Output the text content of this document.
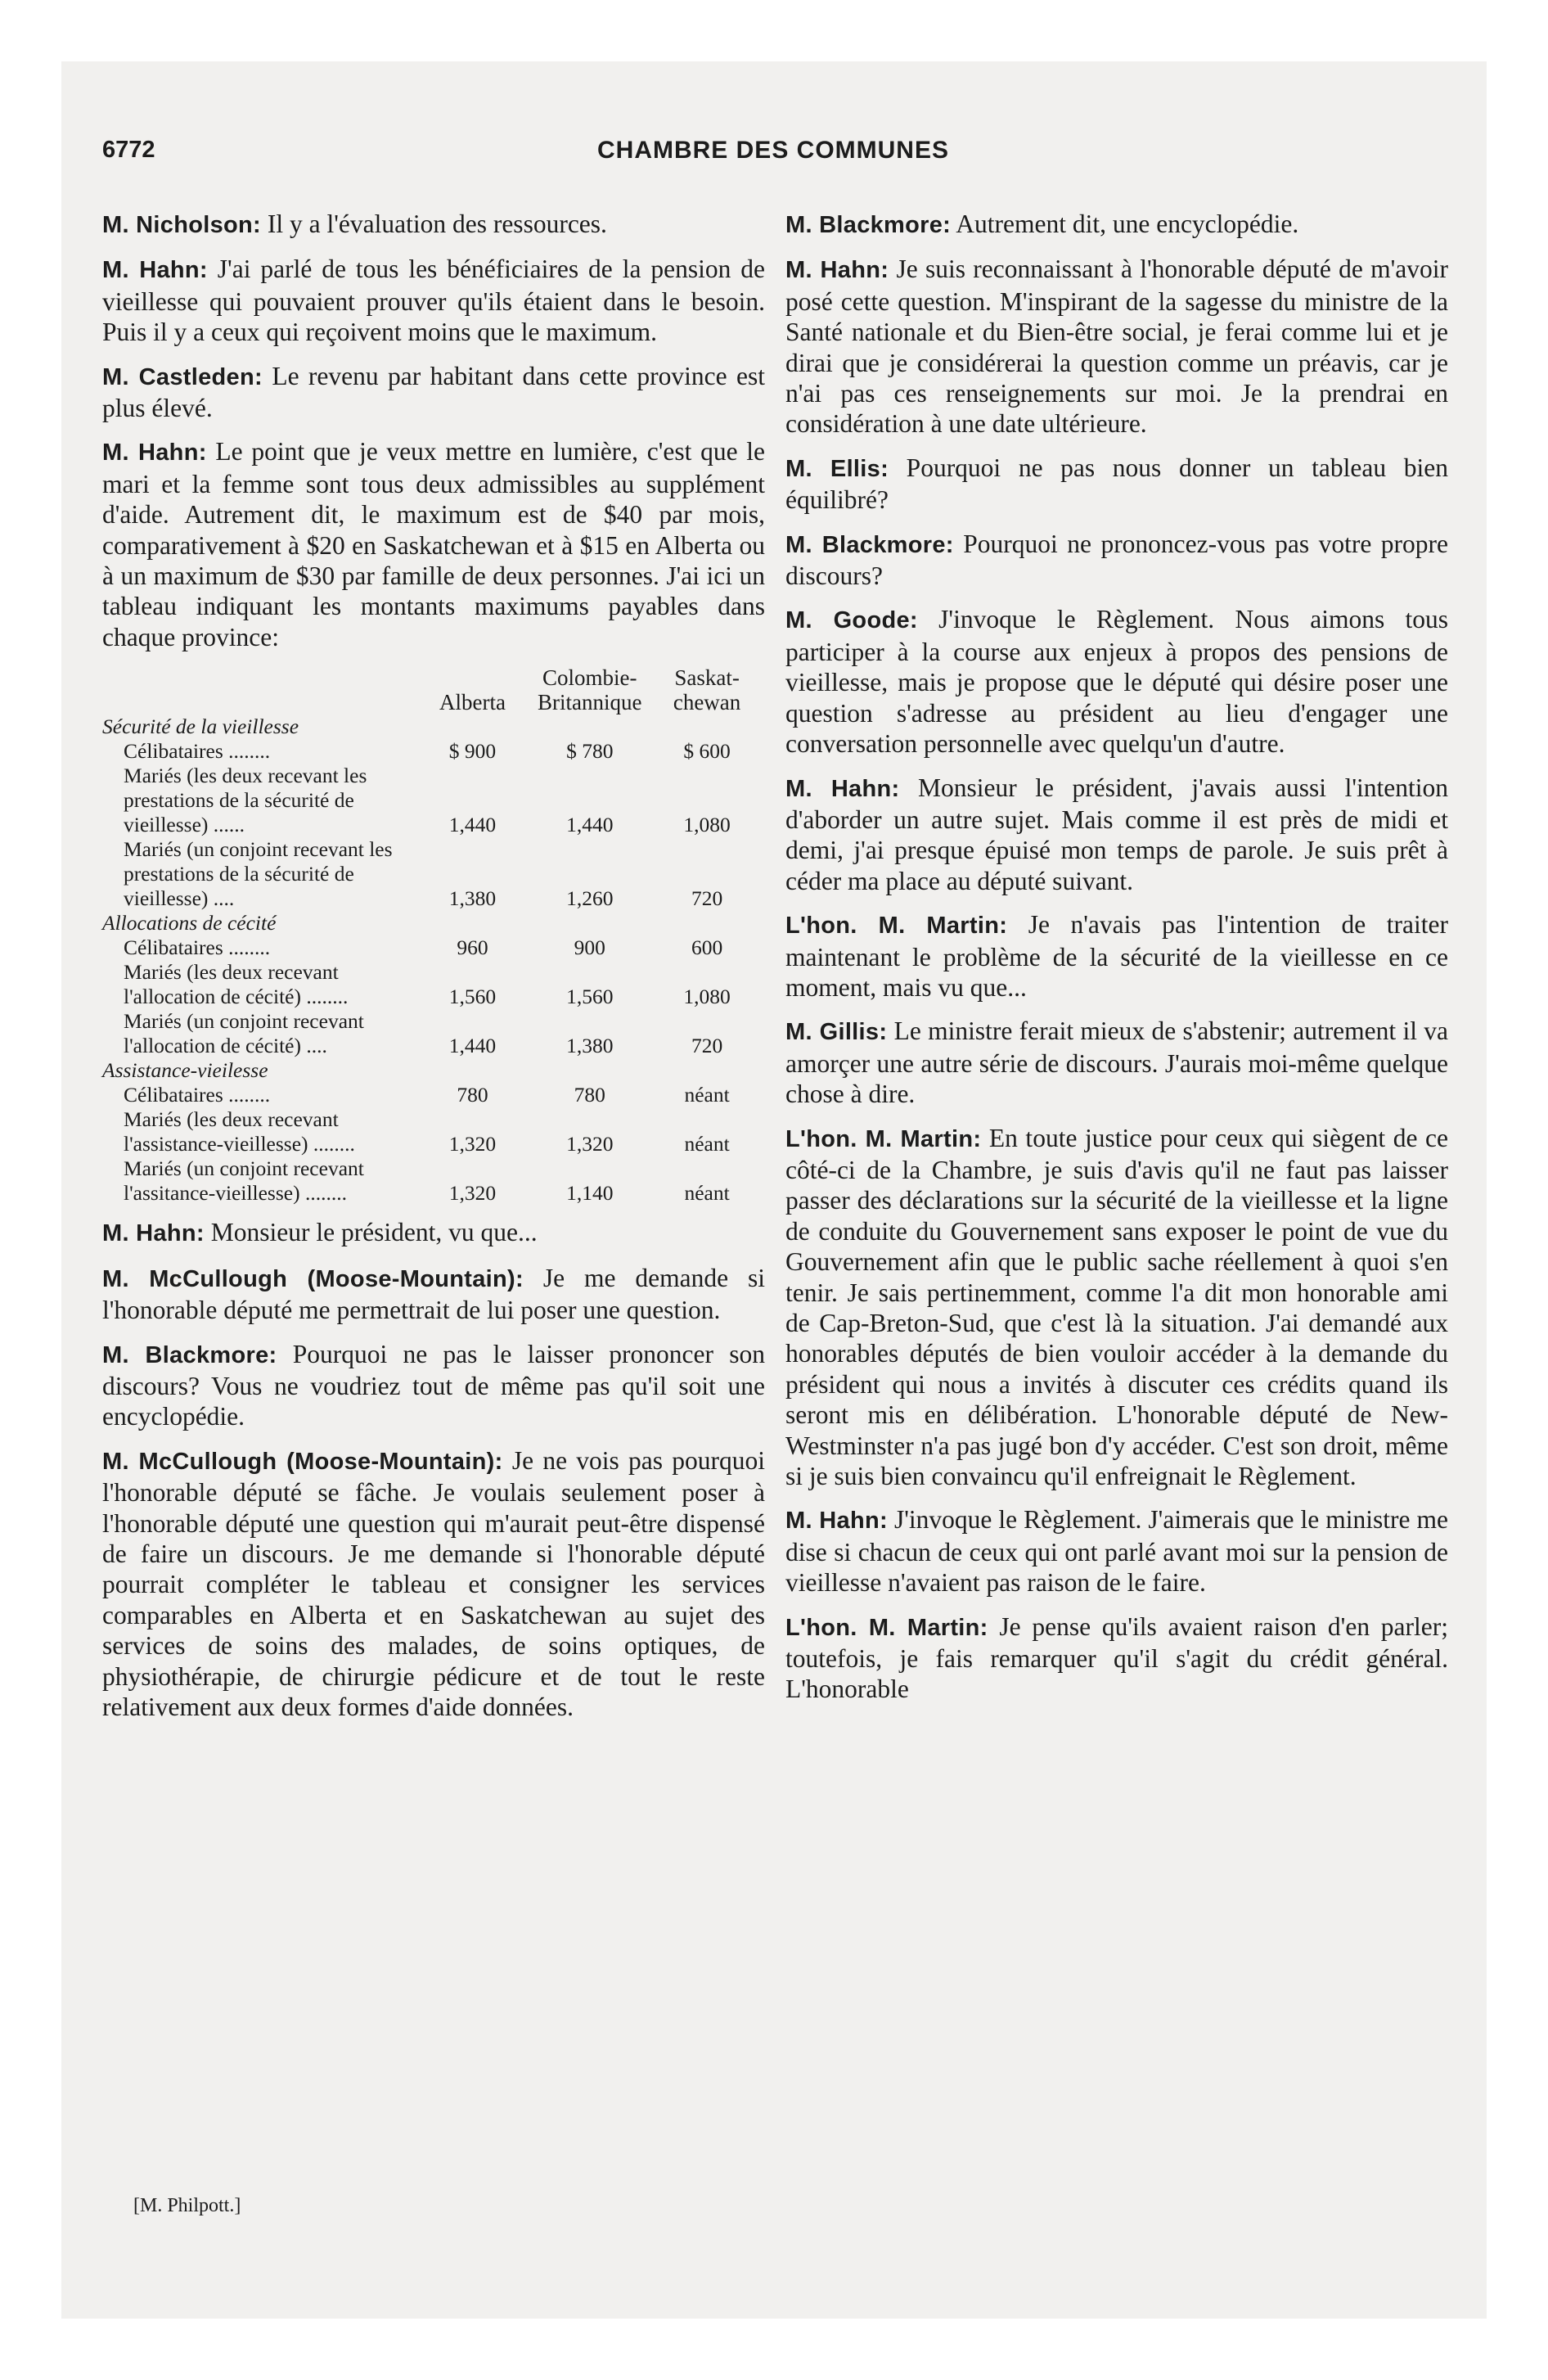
6772	CHAMBRE DES COMMUNES

M. Nicholson: Il y a l'évaluation des ressources.

M. Hahn: J'ai parlé de tous les bénéficiaires de la pension de vieillesse qui pouvaient prouver qu'ils étaient dans le besoin. Puis il y a ceux qui reçoivent moins que le maximum.

M. Castleden: Le revenu par habitant dans cette province est plus élevé.

M. Hahn: Le point que je veux mettre en lumière, c'est que le mari et la femme sont tous deux admissibles au supplément d'aide. Autrement dit, le maximum est de $40 par mois, comparativement à $20 en Saskatchewan et à $15 en Alberta ou à un maximum de $30 par famille de deux personnes. J'ai ici un tableau indiquant les montants maximums payables dans chaque province:

	Alberta	Colombie-Britannique	Saskat-chewan
Sécurité de la vieillesse			
Célibataires ........	$ 900	$ 780	$ 600
Mariés (les deux recevant les prestations de la sécurité de vieillesse) ......	1,440	1,440	1,080
Mariés (un conjoint recevant les prestations de la sécurité de vieillesse) ....	1,380	1,260	720
Allocations de cécité			
Célibataires ........	960	900	600
Mariés (les deux recevant l'allocation de cécité) ........	1,560	1,560	1,080
Mariés (un conjoint recevant l'allocation de cécité) ....	1,440	1,380	720
Assistance-vieilesse			
Célibataires ........	780	780	néant
Mariés (les deux recevant l'assistance-vieillesse) ........	1,320	1,320	néant
Mariés (un conjoint recevant l'assitance-vieillesse) ........	1,320	1,140	néant

M. Hahn: Monsieur le président, vu que...

M. McCullough (Moose-Mountain): Je me demande si l'honorable député me permettrait de lui poser une question.

M. Blackmore: Pourquoi ne pas le laisser prononcer son discours? Vous ne voudriez tout de même pas qu'il soit une encyclopédie.

M. McCullough (Moose-Mountain): Je ne vois pas pourquoi l'honorable député se fâche. Je voulais seulement poser à l'honorable député une question qui m'aurait peut-être dispensé de faire un discours. Je me demande si l'honorable député pourrait compléter le tableau et consigner les services comparables en Alberta et en Saskatchewan au sujet des services de soins des malades, de soins optiques, de physiothérapie, de chirurgie pédicure et de tout le reste relativement aux deux formes d'aide données.

M. Blackmore: Autrement dit, une encyclopédie.

M. Hahn: Je suis reconnaissant à l'honorable député de m'avoir posé cette question. M'inspirant de la sagesse du ministre de la Santé nationale et du Bien-être social, je ferai comme lui et je dirai que je considérerai la question comme un préavis, car je n'ai pas ces renseignements sur moi. Je la prendrai en considération à une date ultérieure.

M. Ellis: Pourquoi ne pas nous donner un tableau bien équilibré?

M. Blackmore: Pourquoi ne prononcez-vous pas votre propre discours?

M. Goode: J'invoque le Règlement. Nous aimons tous participer à la course aux enjeux à propos des pensions de vieillesse, mais je propose que le député qui désire poser une question s'adresse au président au lieu d'engager une conversation personnelle avec quelqu'un d'autre.

M. Hahn: Monsieur le président, j'avais aussi l'intention d'aborder un autre sujet. Mais comme il est près de midi et demi, j'ai presque épuisé mon temps de parole. Je suis prêt à céder ma place au député suivant.

L'hon. M. Martin: Je n'avais pas l'intention de traiter maintenant le problème de la sécurité de la vieillesse en ce moment, mais vu que...

M. Gillis: Le ministre ferait mieux de s'abstenir; autrement il va amorçer une autre série de discours. J'aurais moi-même quelque chose à dire.

L'hon. M. Martin: En toute justice pour ceux qui siègent de ce côté-ci de la Chambre, je suis d'avis qu'il ne faut pas laisser passer des déclarations sur la sécurité de la vieillesse et la ligne de conduite du Gouvernement sans exposer le point de vue du Gouvernement afin que le public sache réellement à quoi s'en tenir. Je sais pertinemment, comme l'a dit mon honorable ami de Cap-Breton-Sud, que c'est là la situation. J'ai demandé aux honorables députés de bien vouloir accéder à la demande du président qui nous a invités à discuter ces crédits quand ils seront mis en délibération. L'honorable député de New-Westminster n'a pas jugé bon d'y accéder. C'est son droit, même si je suis bien convaincu qu'il enfreignait le Règlement.

M. Hahn: J'invoque le Règlement. J'aimerais que le ministre me dise si chacun de ceux qui ont parlé avant moi sur la pension de vieillesse n'avaient pas raison de le faire.

L'hon. M. Martin: Je pense qu'ils avaient raison d'en parler; toutefois, je fais remarquer qu'il s'agit du crédit général. L'honorable

[M. Philpott.]
